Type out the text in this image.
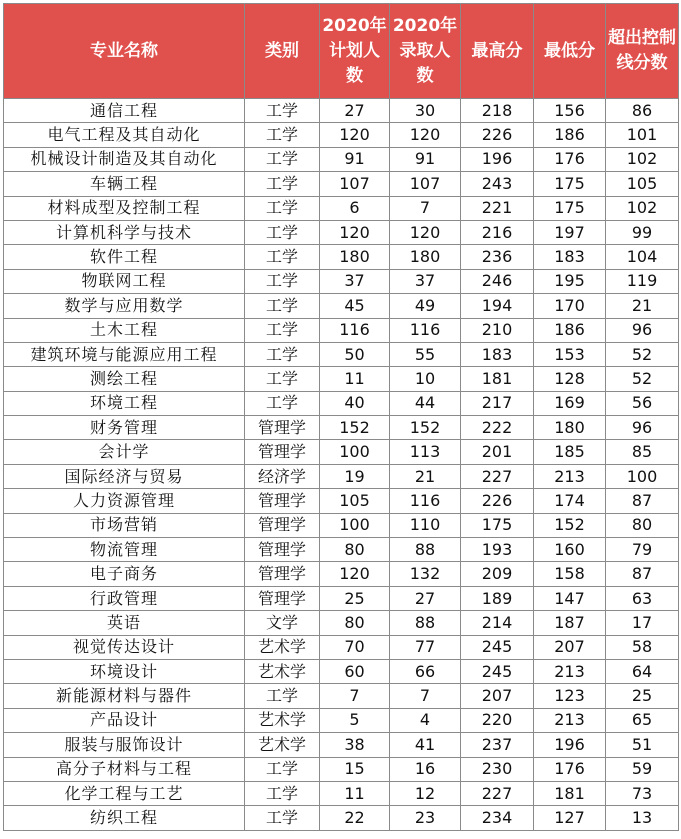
专业名称	类别	2020年计划人数	2020年录取人数	最高分	最低分	超出控制线分数
通信工程	工学	27	30	218	156	86
电气工程及其自动化	工学	120	120	226	186	101
机械设计制造及其自动化	工学	91	91	196	176	102
车辆工程	工学	107	107	243	175	105
材料成型及控制工程	工学	6	7	221	175	102
计算机科学与技术	工学	120	120	216	197	99
软件工程	工学	180	180	236	183	104
物联网工程	工学	37	37	246	195	119
数学与应用数学	工学	45	49	194	170	21
土木工程	工学	116	116	210	186	96
建筑环境与能源应用工程	工学	50	55	183	153	52
测绘工程	工学	11	10	181	128	52
环境工程	工学	40	44	217	169	56
财务管理	管理学	152	152	222	180	96
会计学	管理学	100	113	201	185	85
国际经济与贸易	经济学	19	21	227	213	100
人力资源管理	管理学	105	116	226	174	87
市场营销	管理学	100	110	175	152	80
物流管理	管理学	80	88	193	160	79
电子商务	管理学	120	132	209	158	87
行政管理	管理学	25	27	189	147	63
英语	文学	80	88	214	187	17
视觉传达设计	艺术学	70	77	245	207	58
环境设计	艺术学	60	66	245	213	64
新能源材料与器件	工学	7	7	207	123	25
产品设计	艺术学	5	4	220	213	65
服装与服饰设计	艺术学	38	41	237	196	51
高分子材料与工程	工学	15	16	230	176	59
化学工程与工艺	工学	11	12	227	181	73
纺织工程	工学	22	23	234	127	13
